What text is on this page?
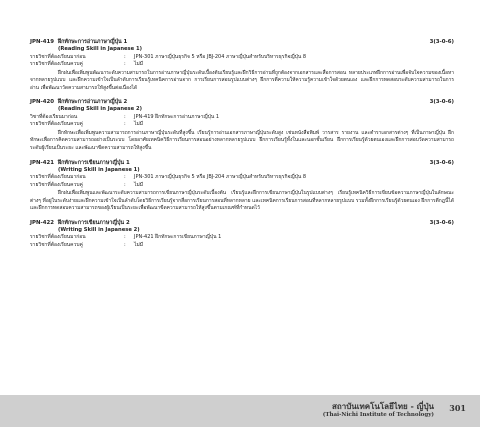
JPN-419 ฝึกทักษะการอ่านภาษาญี่ปุ่น 1	3(3-0-6)
(Reading Skill in Japanese 1)
รายวิชาที่ต้องเรียนมาก่อน	:	JPN-301 ภาษาญี่ปุ่นธุรกิจ 5 หรือ JBJ-204 ภาษาญี่ปุ่นสำหรับบริหารธุรกิจญี่ปุ่น 8
รายวิชาที่ต้องเรียนควบคู่	:	ไม่มี
ฝึกฝนเพื่อเพิ่มพูนพัฒนาระดับความสามารถในการอ่านภาษาญี่ปุ่นระดับเบื้องต้นเรียนรู้และฝึกวิธีการอ่านที่ถูกต้องจากเอกสารและสื่อการสอน หลายประเภทฝึกการอ่านเพื่อจับใจความของเนื้อหาจากหลายรูปแบบ และฝึกความเข้าใจเป็นลำดับการเรียนรู้เทคนิคการอ่านจาก การเรียนการสอนรูปแบบต่างๆ ฝึกการตีความให้ความรู้ความเข้าใจด้วยตนเอง และฝึกการทดสอบระดับความสามารถในการอ่าน เพื่อพัฒนาวัดความสามารถให้สูงขึ้นต่อเนื่องได้
JPN-420 ฝึกทักษะการอ่านภาษาญี่ปุ่น 2	3(3-0-6)
(Reading Skill in Japanese 2)
วิชาที่ต้องเรียนมาก่อน	:	JPN-419 ฝึกทักษะการอ่านภาษาญี่ปุ่น 1
รายวิชาที่ต้องเรียนควบคู่	:	ไม่มี
ฝึกทักษะเพื่อเพิ่มพูนความสามารถการอ่านภาษาญี่ปุ่นระดับที่สูงขึ้น เรียนรู้การอ่านเอกสารภาษาญี่ปุ่นระดับสูง เช่นหนังสือพิมพ์ วารสาร รายงาน และตำราเอกสารต่างๆ ที่เป็นภาษาญี่ปุ่น ฝึกทักษะเพื่อการคิดความสามารถอย่างเป็นระบบ โดยอาศัยเทคนิควิธีการเรียนการสอนอย่างหลากหลายรูปแบบ ฝึกการเรียนรู้ทั้งในและนอกชั้นเรียน ฝึกการเรียนรู้ด้วยตนเองและฝึกการสอบวัดความสามารถระดับผู้เรียนเป็นระยะ และพัฒนาขีดความสามารถให้สูงขึ้น
JPN-421 ฝึกทักษะการเขียนภาษาญี่ปุ่น 1	3(3-0-6)
(Writing Skill in Japanese 1)
รายวิชาที่ต้องเรียนมาก่อน	:	JPN-301 ภาษาญี่ปุ่นธุรกิจ 5 หรือ JBJ-204 ภาษาญี่ปุ่นสำหรับบริหารธุรกิจญี่ปุ่น 8
รายวิชาที่ต้องเรียนควบคู่	:	ไม่มี
ฝึกฝนเพื่อเพิ่มพูนและพัฒนาระดับความสามารถการเขียนภาษาญี่ปุ่นระดับเบื้องต้น เรียนรู้และฝึกการเขียนภาษาญี่ปุ่นในรูปแบบต่างๆ เรียนรู้เทคนิควิธีการเขียนข้อความภาษาญี่ปุ่นในลักษณะต่างๆ ที่อยู่ในระดับง่ายและฝึกความเข้าใจเป็นลำดับโดยวิธีการเรียนรู้จากสื่อการเรียนการสอนที่หลากหลาย และเทคนิคการเรียนการสอนที่หลากหลายรูปแบบ รวมทั้งฝึกการเรียนรู้ด้วยตนเอง ฝึกการตีกฎนี้ได้และฝึกการทดสอบความสามารถของผู้เรียนเป็นระยะเพื่อพัฒนาขีดความสามารถให้สูงขึ้นตามเกณฑ์ที่กำหนดไว้
JPN-422 ฝึกทักษะการเขียนภาษาญี่ปุ่น 2	3(3-0-6)
(Writing Skill in Japanese 2)
รายวิชาที่ต้องเรียนมาก่อน	:	JPN-421 ฝึกทักษะการเขียนภาษาญี่ปุ่น 1
รายวิชาที่ต้องเรียนควบคู่	:	ไม่มี
สถาบันเทคโนโลยีไทย - ญี่ปุ่น
(Thai-Nichi Institute of Technology)
301
